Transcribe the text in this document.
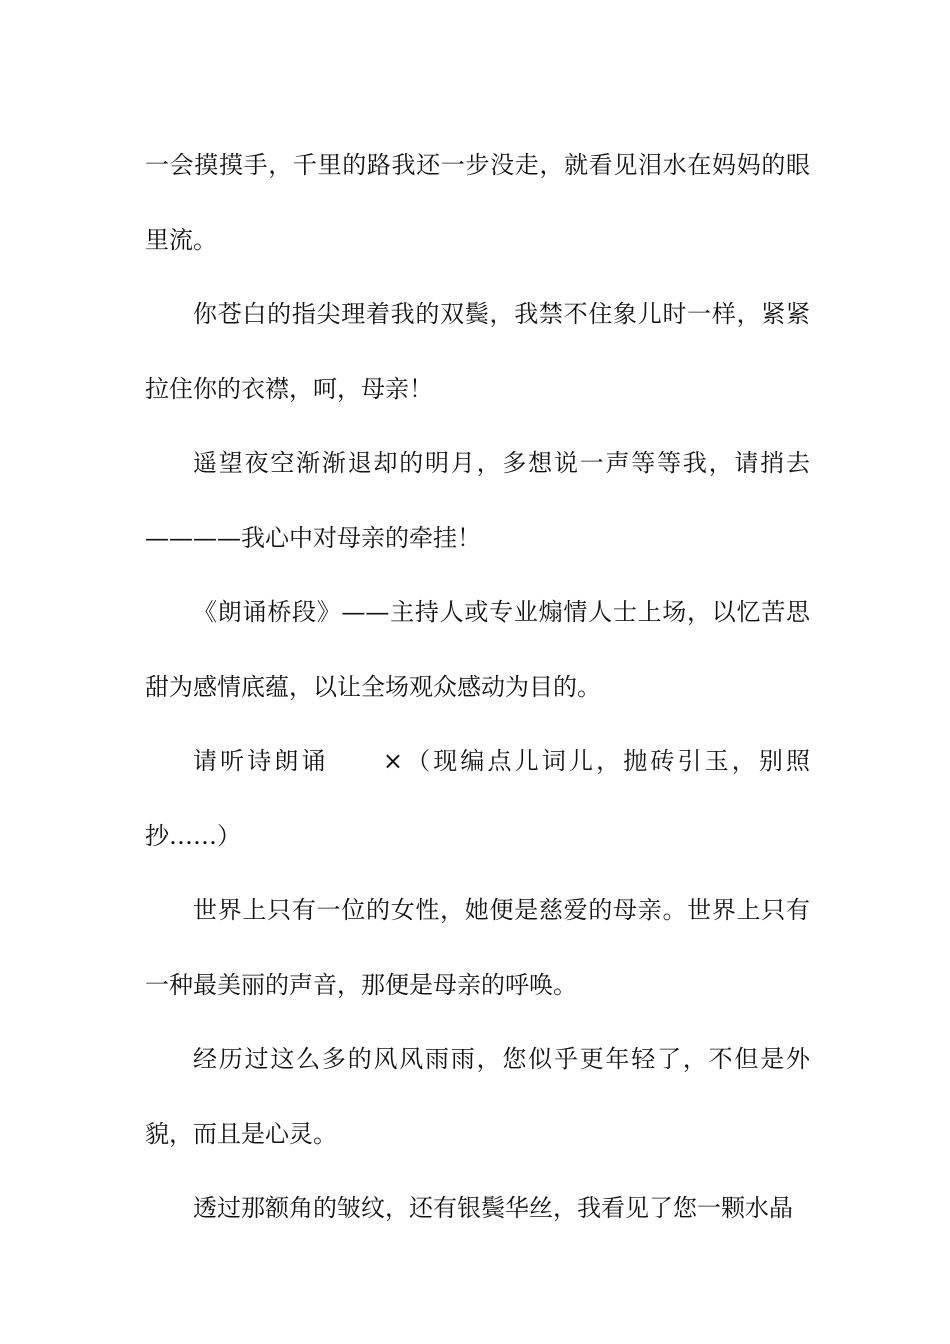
一会摸摸手，千里的路我还一步没走，就看见泪水在妈妈的眼里流。

你苍白的指尖理着我的双鬓，我禁不住象儿时一样，紧紧拉住你的衣襟，呵，母亲！

遥望夜空渐渐退却的明月，多想说一声等等我，请捎去————我心中对母亲的牵挂！

《朗诵桥段》——主持人或专业煽情人士上场，以忆苦思甜为感情底蕴，以让全场观众感动为目的。

请听诗朗诵　　×（现编点儿词儿，抛砖引玉，别照抄……）

世界上只有一位的女性，她便是慈爱的母亲。世界上只有一种最美丽的声音，那便是母亲的呼唤。

经历过这么多的风风雨雨，您似乎更年轻了，不但是外貌，而且是心灵。

透过那额角的皱纹，还有银鬓华丝，我看见了您一颗水晶
